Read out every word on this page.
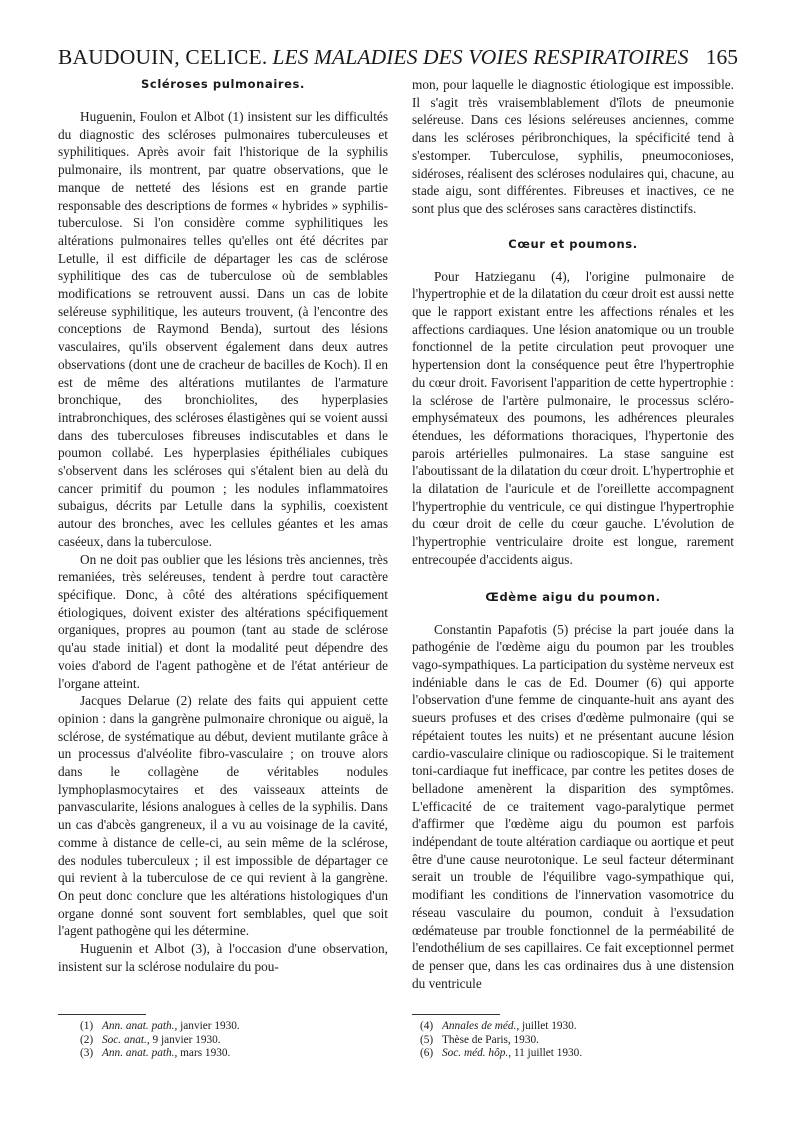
BAUDOUIN, CELICE. LES MALADIES DES VOIES RESPIRATOIRES 165
Scléroses pulmonaires.

Huguenin, Foulon et Albot (1) insistent sur les difficultés du diagnostic des scléroses pulmonaires tuberculeuses et syphilitiques. Après avoir fait l'historique de la syphilis pulmonaire, ils montrent, par quatre observations, que le manque de netteté des lésions est en grande partie responsable des descriptions de formes « hybrides » syphilis-tuberculose. Si l'on considère comme syphilitiques les altérations pulmonaires telles qu'elles ont été décrites par Letulle, il est difficile de départager les cas de sclérose syphilitique des cas de tuberculose où de semblables modifications se retrouvent aussi. Dans un cas de lobite seléreuse syphilitique, les auteurs trouvent, (à l'encontre des conceptions de Raymond Benda), surtout des lésions vasculaires, qu'ils observent également dans deux autres observations (dont une de cracheur de bacilles de Koch). Il en est de même des altérations mutilantes de l'armature bronchique, des bronchiolites, des hyperplasies intrabronchiques, des scléroses élastigènes qui se voient aussi dans des tuberculoses fibreuses indiscutables et dans le poumon collabé. Les hyperplasies épithéliales cubiques s'observent dans les scléroses qui s'étalent bien au delà du cancer primitif du poumon ; les nodules inflammatoires subaigus, décrits par Letulle dans la syphilis, coexistent autour des bronches, avec les cellules géantes et les amas caséeux, dans la tuberculose.

On ne doit pas oublier que les lésions très anciennes, très remaniées, très seléreuses, tendent à perdre tout caractère spécifique. Donc, à côté des altérations spécifiquement étiologiques, doivent exister des altérations spécifiquement organiques, propres au poumon (tant au stade de sclérose qu'au stade initial) et dont la modalité peut dépendre des voies d'abord de l'agent pathogène et de l'état antérieur de l'organe atteint.

Jacques Delarue (2) relate des faits qui appuient cette opinion : dans la gangrène pulmonaire chronique ou aiguë, la sclérose, de systématique au début, devient mutilante grâce à un processus d'alvéolite fibro-vasculaire ; on trouve alors dans le collagène de véritables nodules lymphoplasmocytaires et des vaisseaux atteints de panvascularite, lésions analogues à celles de la syphilis. Dans un cas d'abcès gangreneux, il a vu au voisinage de la cavité, comme à distance de celle-ci, au sein même de la sclérose, des nodules tuberculeux ; il est impossible de départager ce qui revient à la tuberculose de ce qui revient à la gangrène. On peut donc conclure que les altérations histologiques d'un organe donné sont souvent fort semblables, quel que soit l'agent pathogène qui les détermine.

Huguenin et Albot (3), à l'occasion d'une observation, insistent sur la sclérose nodulaire du pou-

mon, pour laquelle le diagnostic étiologique est impossible. Il s'agit très vraisemblablement d'îlots de pneumonie seléreuse. Dans ces lésions seléreuses anciennes, comme dans les scléroses péribronchiques, la spécificité tend à s'estomper. Tuberculose, syphilis, pneumoconioses, sidéroses, réalisent des scléroses nodulaires qui, chacune, au stade aigu, sont différentes. Fibreuses et inactives, ce ne sont plus que des scléroses sans caractères distinctifs.

Cœur et poumons.

Pour Hatzieganu (4), l'origine pulmonaire de l'hypertrophie et de la dilatation du cœur droit est aussi nette que le rapport existant entre les affections rénales et les affections cardiaques. Une lésion anatomique ou un trouble fonctionnel de la petite circulation peut provoquer une hypertension dont la conséquence peut être l'hypertrophie du cœur droit. Favorisent l'apparition de cette hypertrophie : la sclérose de l'artère pulmonaire, le processus scléro-emphysémateux des poumons, les adhérences pleurales étendues, les déformations thoraciques, l'hypertonie des parois artérielles pulmonaires. La stase sanguine est l'aboutissant de la dilatation du cœur droit. L'hypertrophie et la dilatation de l'auricule et de l'oreillette accompagnent l'hypertrophie du ventricule, ce qui distingue l'hypertrophie du cœur droit de celle du cœur gauche. L'évolution de l'hypertrophie ventriculaire droite est longue, rarement entrecoupée d'accidents aigus.

Œdème aigu du poumon.

Constantin Papafotis (5) précise la part jouée dans la pathogénie de l'œdème aigu du poumon par les troubles vago-sympathiques. La participation du système nerveux est indéniable dans le cas de Ed. Doumer (6) qui apporte l'observation d'une femme de cinquante-huit ans ayant des sueurs profuses et des crises d'œdème pulmonaire (qui se répétaient toutes les nuits) et ne présentant aucune lésion cardio-vasculaire clinique ou radioscopique. Si le traitement toni-cardiaque fut inefficace, par contre les petites doses de belladone amenèrent la disparition des symptômes. L'efficacité de ce traitement vago-paralytique permet d'affirmer que l'œdème aigu du poumon est parfois indépendant de toute altération cardiaque ou aortique et peut être d'une cause neurotonique. Le seul facteur déterminant serait un trouble de l'équilibre vago-sympathique qui, modifiant les conditions de l'innervation vasomotrice du réseau vasculaire du poumon, conduit à l'exsudation œdémateuse par trouble fonctionnel de la perméabilité de l'endothélium de ses capillaires. Ce fait exceptionnel permet de penser que, dans les cas ordinaires dus à une distension du ventricule

(1) Ann. anat. path., janvier 1930.
(2) Soc. anat., 9 janvier 1930.
(3) Ann. anat. path., mars 1930.
(4) Annales de méd., juillet 1930.
(5) Thèse de Paris, 1930.
(6) Soc. méd. hôp., 11 juillet 1930.
